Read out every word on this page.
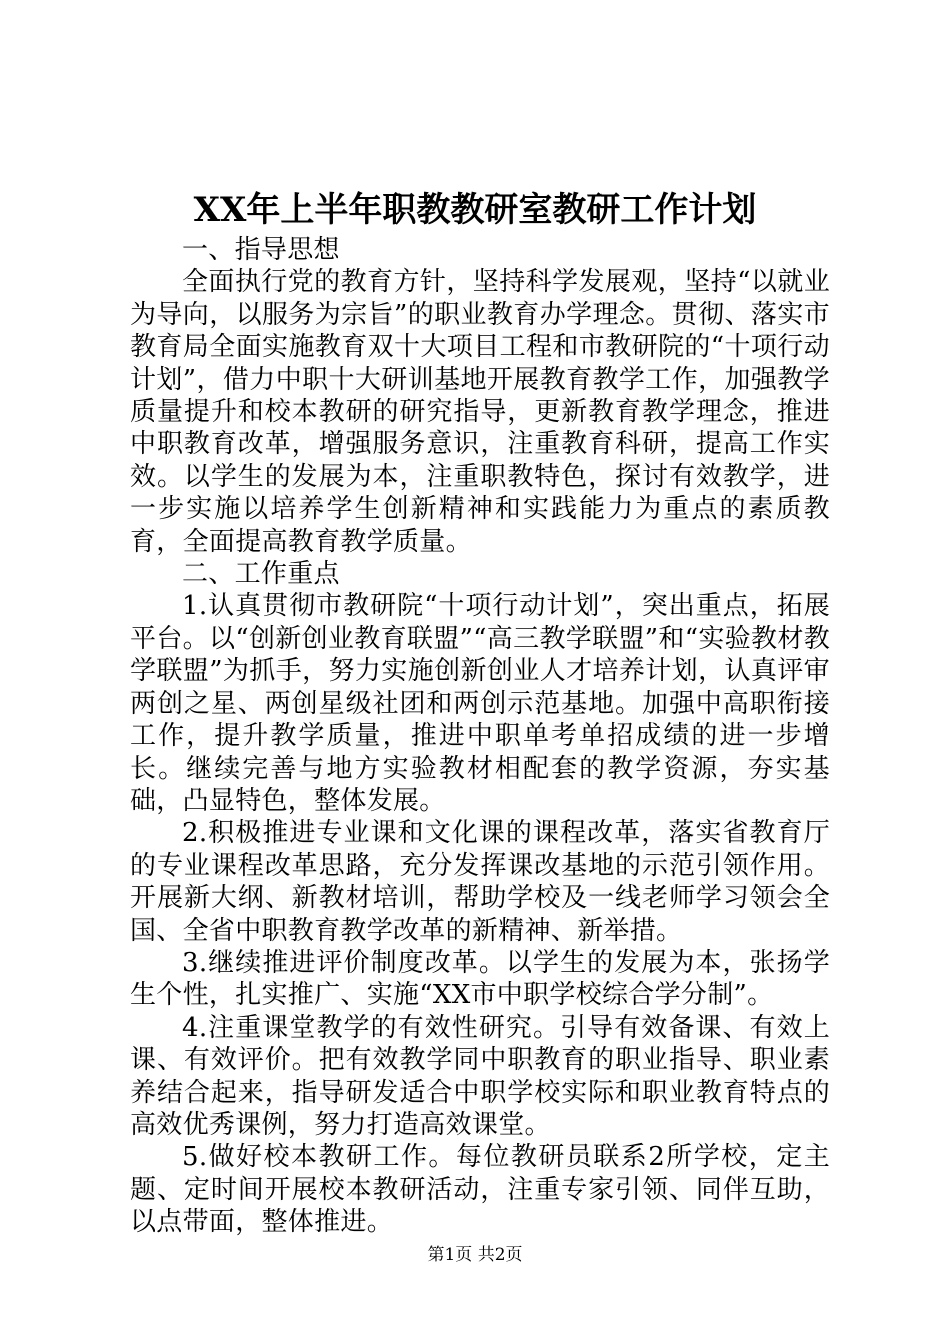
XX年上半年职教教研室教研工作计划

一、指导思想

全面执行党的教育方针，坚持科学发展观，坚持“以就业为导向，以服务为宗旨”的职业教育办学理念。贯彻、落实市教育局全面实施教育双十大项目工程和市教研院的“十项行动计划”，借力中职十大研训基地开展教育教学工作，加强教学质量提升和校本教研的研究指导，更新教育教学理念，推进中职教育改革，增强服务意识，注重教育科研，提高工作实效。以学生的发展为本，注重职教特色，探讨有效教学，进一步实施以培养学生创新精神和实践能力为重点的素质教育，全面提高教育教学质量。

二、工作重点

1.认真贯彻市教研院“十项行动计划”，突出重点，拓展平台。以“创新创业教育联盟”“高三教学联盟”和“实验教材教学联盟”为抓手，努力实施创新创业人才培养计划，认真评审两创之星、两创星级社团和两创示范基地。加强中高职衔接工作，提升教学质量，推进中职单考单招成绩的进一步增长。继续完善与地方实验教材相配套的教学资源，夯实基础，凸显特色，整体发展。

2.积极推进专业课和文化课的课程改革，落实省教育厅的专业课程改革思路，充分发挥课改基地的示范引领作用。开展新大纲、新教材培训，帮助学校及一线老师学习领会全国、全省中职教育教学改革的新精神、新举措。

3.继续推进评价制度改革。以学生的发展为本，张扬学生个性，扎实推广、实施“XX市中职学校综合学分制”。

4.注重课堂教学的有效性研究。引导有效备课、有效上课、有效评价。把有效教学同中职教育的职业指导、职业素养结合起来，指导研发适合中职学校实际和职业教育特点的高效优秀课例，努力打造高效课堂。

5.做好校本教研工作。每位教研员联系2所学校，定主题、定时间开展校本教研活动，注重专家引领、同伴互助，以点带面，整体推进。

第1页 共2页
